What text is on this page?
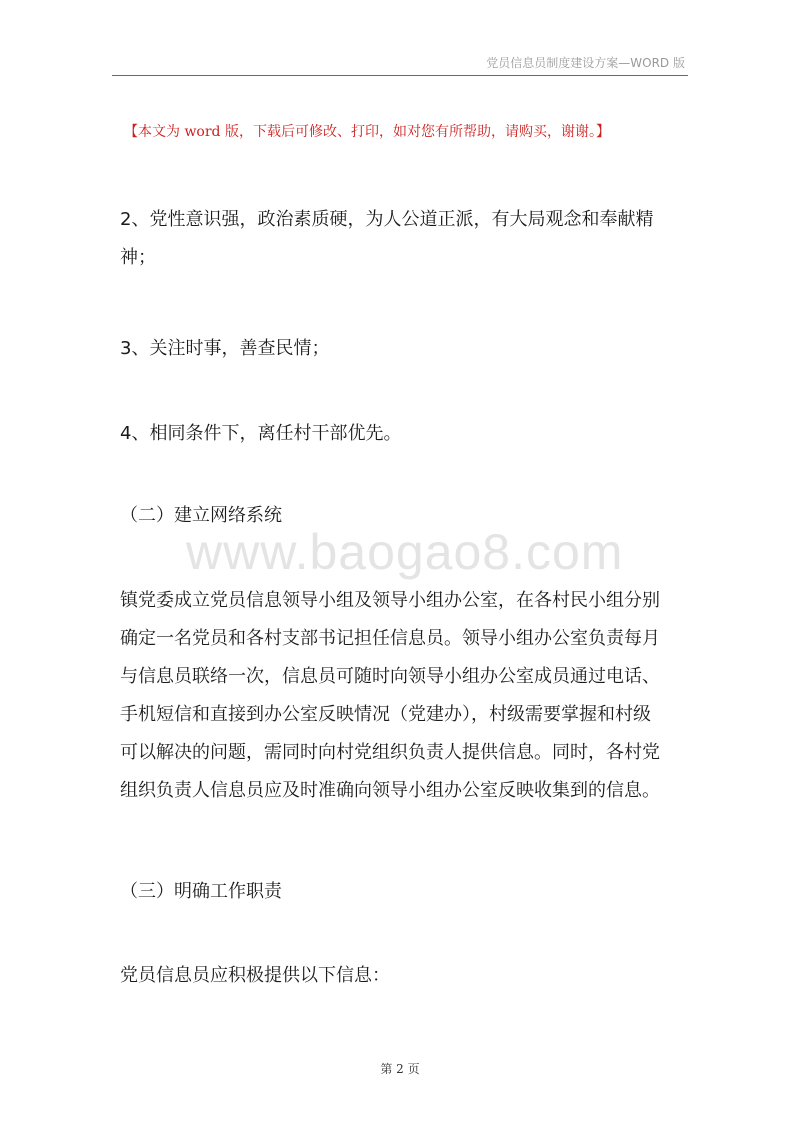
党员信息员制度建设方案—WORD 版
【本文为 word 版，下载后可修改、打印，如对您有所帮助，请购买，谢谢。】
2、党性意识强，政治素质硬，为人公道正派，有大局观念和奉献精
神；
3、关注时事，善查民情；
4、相同条件下，离任村干部优先。
（二）建立网络系统
www.baogao8.com
镇党委成立党员信息领导小组及领导小组办公室，在各村民小组分别
确定一名党员和各村支部书记担任信息员。领导小组办公室负责每月
与信息员联络一次，信息员可随时向领导小组办公室成员通过电话、
手机短信和直接到办公室反映情况（党建办），村级需要掌握和村级
可以解决的问题，需同时向村党组织负责人提供信息。同时，各村党
组织负责人信息员应及时准确向领导小组办公室反映收集到的信息。
（三）明确工作职责
党员信息员应积极提供以下信息：
第 2 页
